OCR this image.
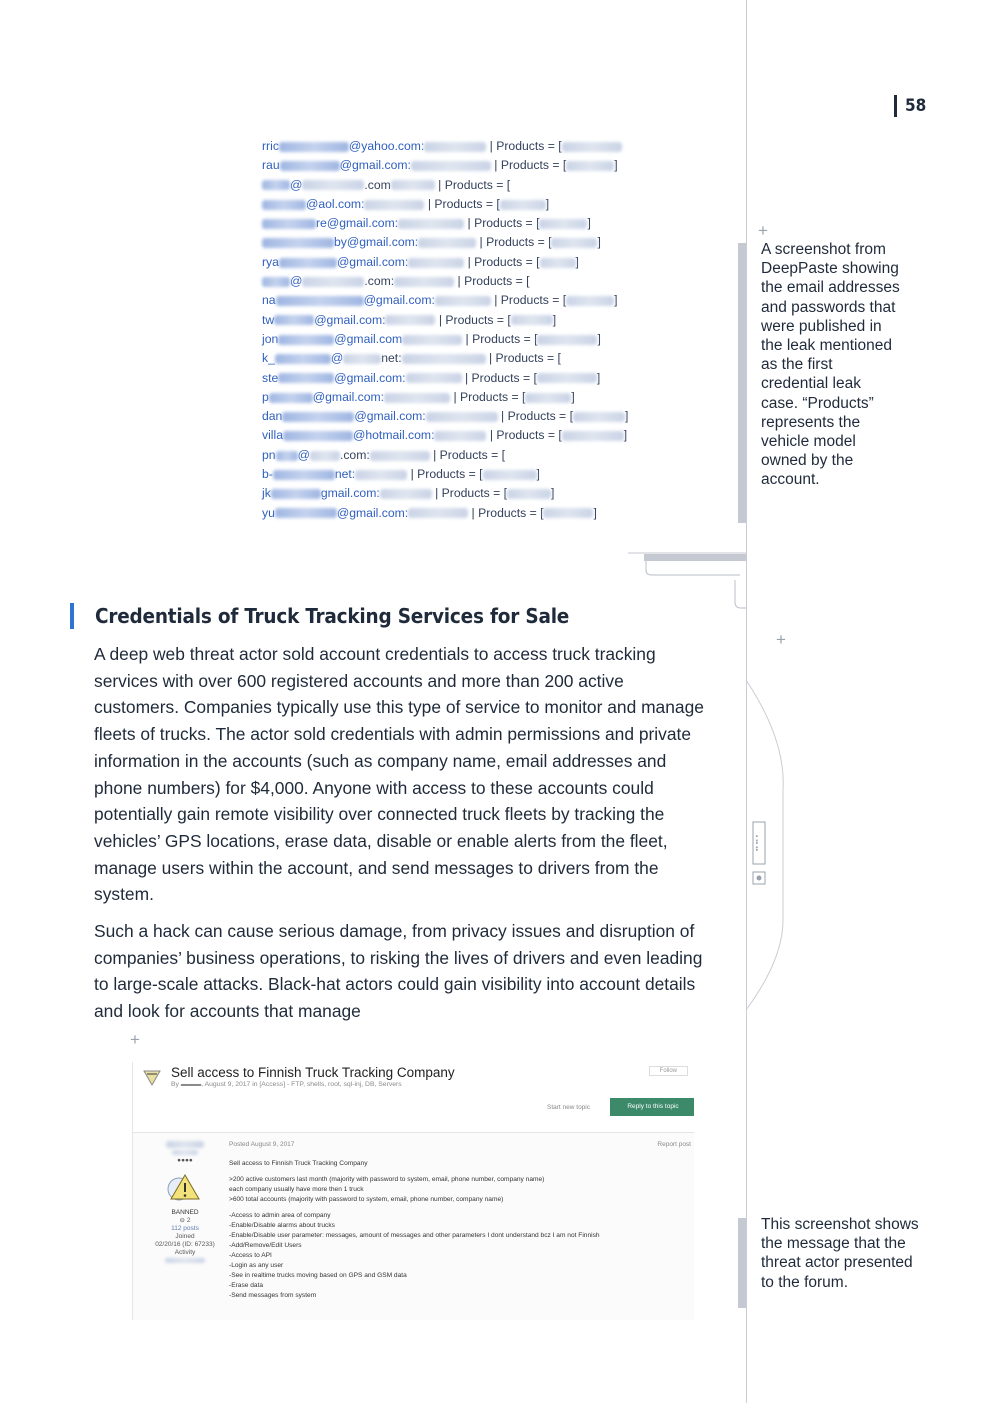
▪▪ ▪▪ ▪
58
rric	@yahoo.com:	| Products = [
rau	@gmail.com:	| Products = [	]
@	.com	| Products = [
@aol.com:	| Products = [	]
re@gmail.com:	| Products = [	]
by@gmail.com:	| Products = [	]
rya	@gmail.com:	| Products = [	]
@	.com:	| Products = [
na	@gmail.com:	| Products = [	]
tw	@gmail.com:	| Products = [	]
jon	@gmail.com	| Products = [	]
k_	@	net:	| Products = [
ste	@gmail.com:	| Products = [	]
p	@gmail.com:	| Products = [	]
dan	@gmail.com:	| Products = [	]
villa	@hotmail.com:	| Products = [	]
pn @ .com:	| Products = [
b-	net:	| Products = [	]
jk	gmail.com:	| Products = [	]
yu	@gmail.com:	| Products = [	]
+
A screenshot from DeepPaste showing the email addresses and passwords that were published in the leak mentioned as the first credential leak case. “Products” represents the vehicle model owned by the account.
+
Credentials of Truck Tracking Services for Sale

A deep web threat actor sold account credentials to access truck tracking services with over 600 registered accounts and more than 200 active customers. Companies typically use this type of service to monitor and manage fleets of trucks. The actor sold credentials with admin permissions and private information in the accounts (such as company name, email addresses and phone numbers) for $4,000. Anyone with access to these accounts could potentially gain remote visibility over connected truck fleets by tracking the vehicles’ GPS locations, erase data, disable or enable alerts from the fleet, manage users within the account, and send messages to drivers from the system.

Such a hack can cause serious damage, from privacy issues and disruption of companies’ business operations, to risking the lives of drivers and even leading to large-scale attacks. Black-hat actors could gain visibility into account details and look for accounts that manage

+
Sell access to Finnish Truck Tracking Company
By ▬▬▬, August 9, 2017 in [Access] - FTP, shells, root, sql-inj, DB, Servers
Follow
Start new topic	Reply to this topic

●●●●
BANNED
⊖ 2
112 posts
Joined
02/20/16 (ID: 67233)
Activity
Posted August 9, 2017	Report post
Sell access to Finnish Truck Tracking Company
>200 active customers last month (majority with password to system, email, phone number, company name)
each company usually have more then 1 truck
>600 total accounts (majority with password to system, email, phone number, company name)
-Access to admin area of company
-Enable/Disable alarms about trucks
-Enable/Disable user parameter: messages, amount of messages and other parameters I dont understand bcz I am not Finnish
-Add/Remove/Edit Users
-Access to API
-Login as any user
-See in realtime trucks moving based on GPS and GSM data
-Erase data
-Send messages from system
This screenshot shows the message that the threat actor presented to the forum.
